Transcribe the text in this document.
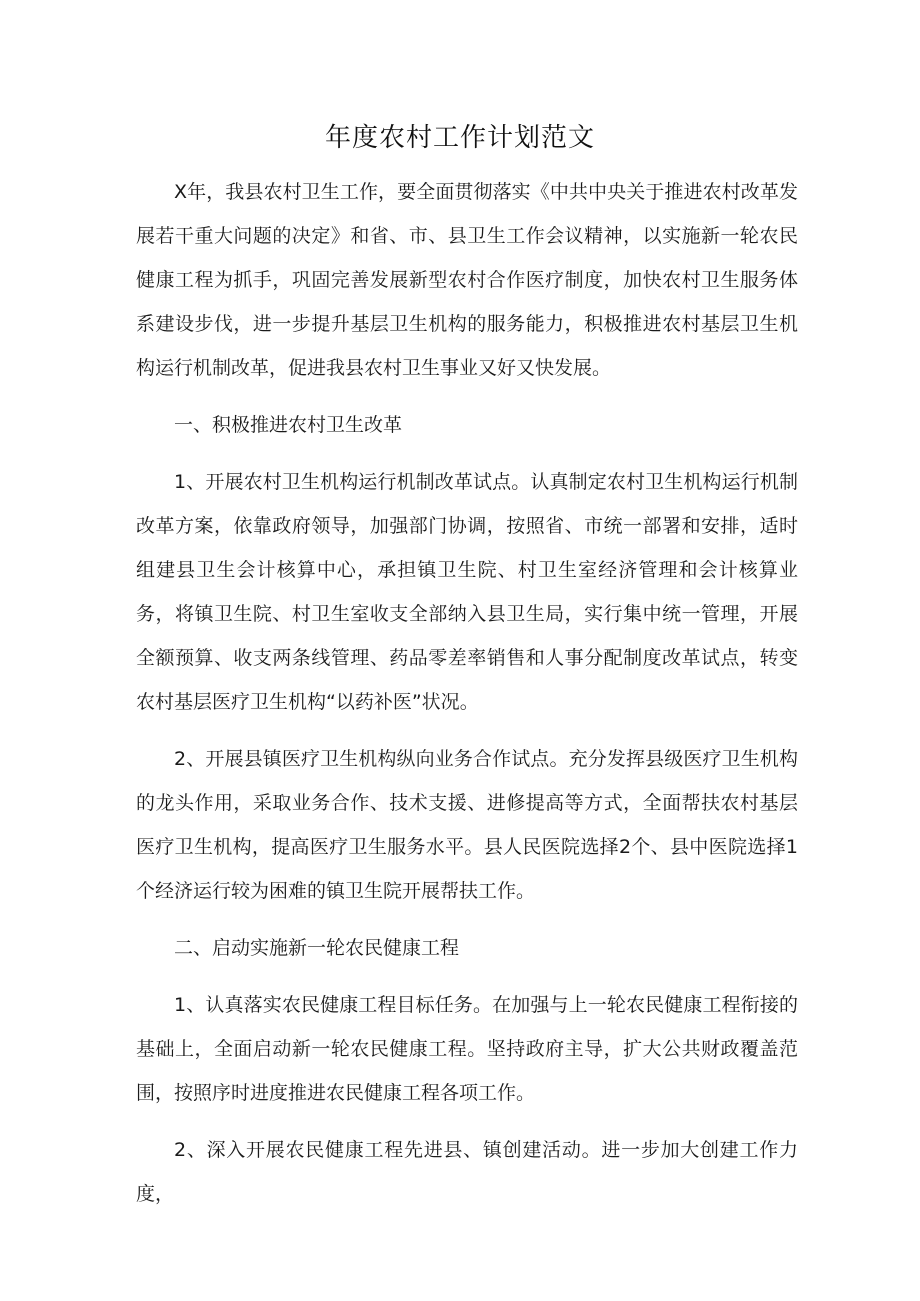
年度农村工作计划范文

X年，我县农村卫生工作，要全面贯彻落实《中共中央关于推进农村改革发展若干重大问题的决定》和省、市、县卫生工作会议精神，以实施新一轮农民健康工程为抓手，巩固完善发展新型农村合作医疗制度，加快农村卫生服务体系建设步伐，进一步提升基层卫生机构的服务能力，积极推进农村基层卫生机构运行机制改革，促进我县农村卫生事业又好又快发展。

一、积极推进农村卫生改革

1、开展农村卫生机构运行机制改革试点。认真制定农村卫生机构运行机制改革方案，依靠政府领导，加强部门协调，按照省、市统一部署和安排，适时组建县卫生会计核算中心，承担镇卫生院、村卫生室经济管理和会计核算业务，将镇卫生院、村卫生室收支全部纳入县卫生局，实行集中统一管理，开展全额预算、收支两条线管理、药品零差率销售和人事分配制度改革试点，转变农村基层医疗卫生机构“以药补医”状况。

2、开展县镇医疗卫生机构纵向业务合作试点。充分发挥县级医疗卫生机构的龙头作用，采取业务合作、技术支援、进修提高等方式，全面帮扶农村基层医疗卫生机构，提高医疗卫生服务水平。县人民医院选择2个、县中医院选择1个经济运行较为困难的镇卫生院开展帮扶工作。

二、启动实施新一轮农民健康工程

1、认真落实农民健康工程目标任务。在加强与上一轮农民健康工程衔接的基础上，全面启动新一轮农民健康工程。坚持政府主导，扩大公共财政覆盖范围，按照序时进度推进农民健康工程各项工作。

2、深入开展农民健康工程先进县、镇创建活动。进一步加大创建工作力度，
